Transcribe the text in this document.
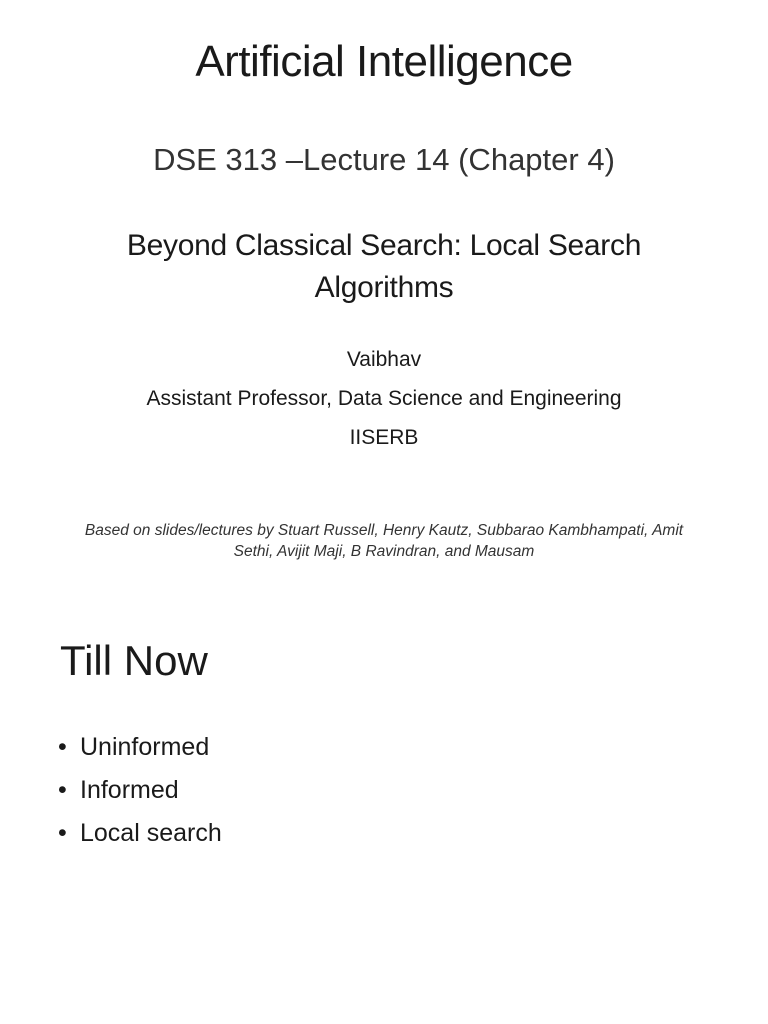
Artificial Intelligence
DSE 313 –Lecture 14 (Chapter 4)
Beyond Classical Search: Local Search
Algorithms
Vaibhav
Assistant Professor, Data Science and Engineering
IISERB
Based on slides/lectures by Stuart Russell, Henry Kautz, Subbarao Kambhampati, Amit
Sethi, Avijit Maji, B Ravindran, and Mausam
Till Now
• Uninformed
• Informed
• Local search
